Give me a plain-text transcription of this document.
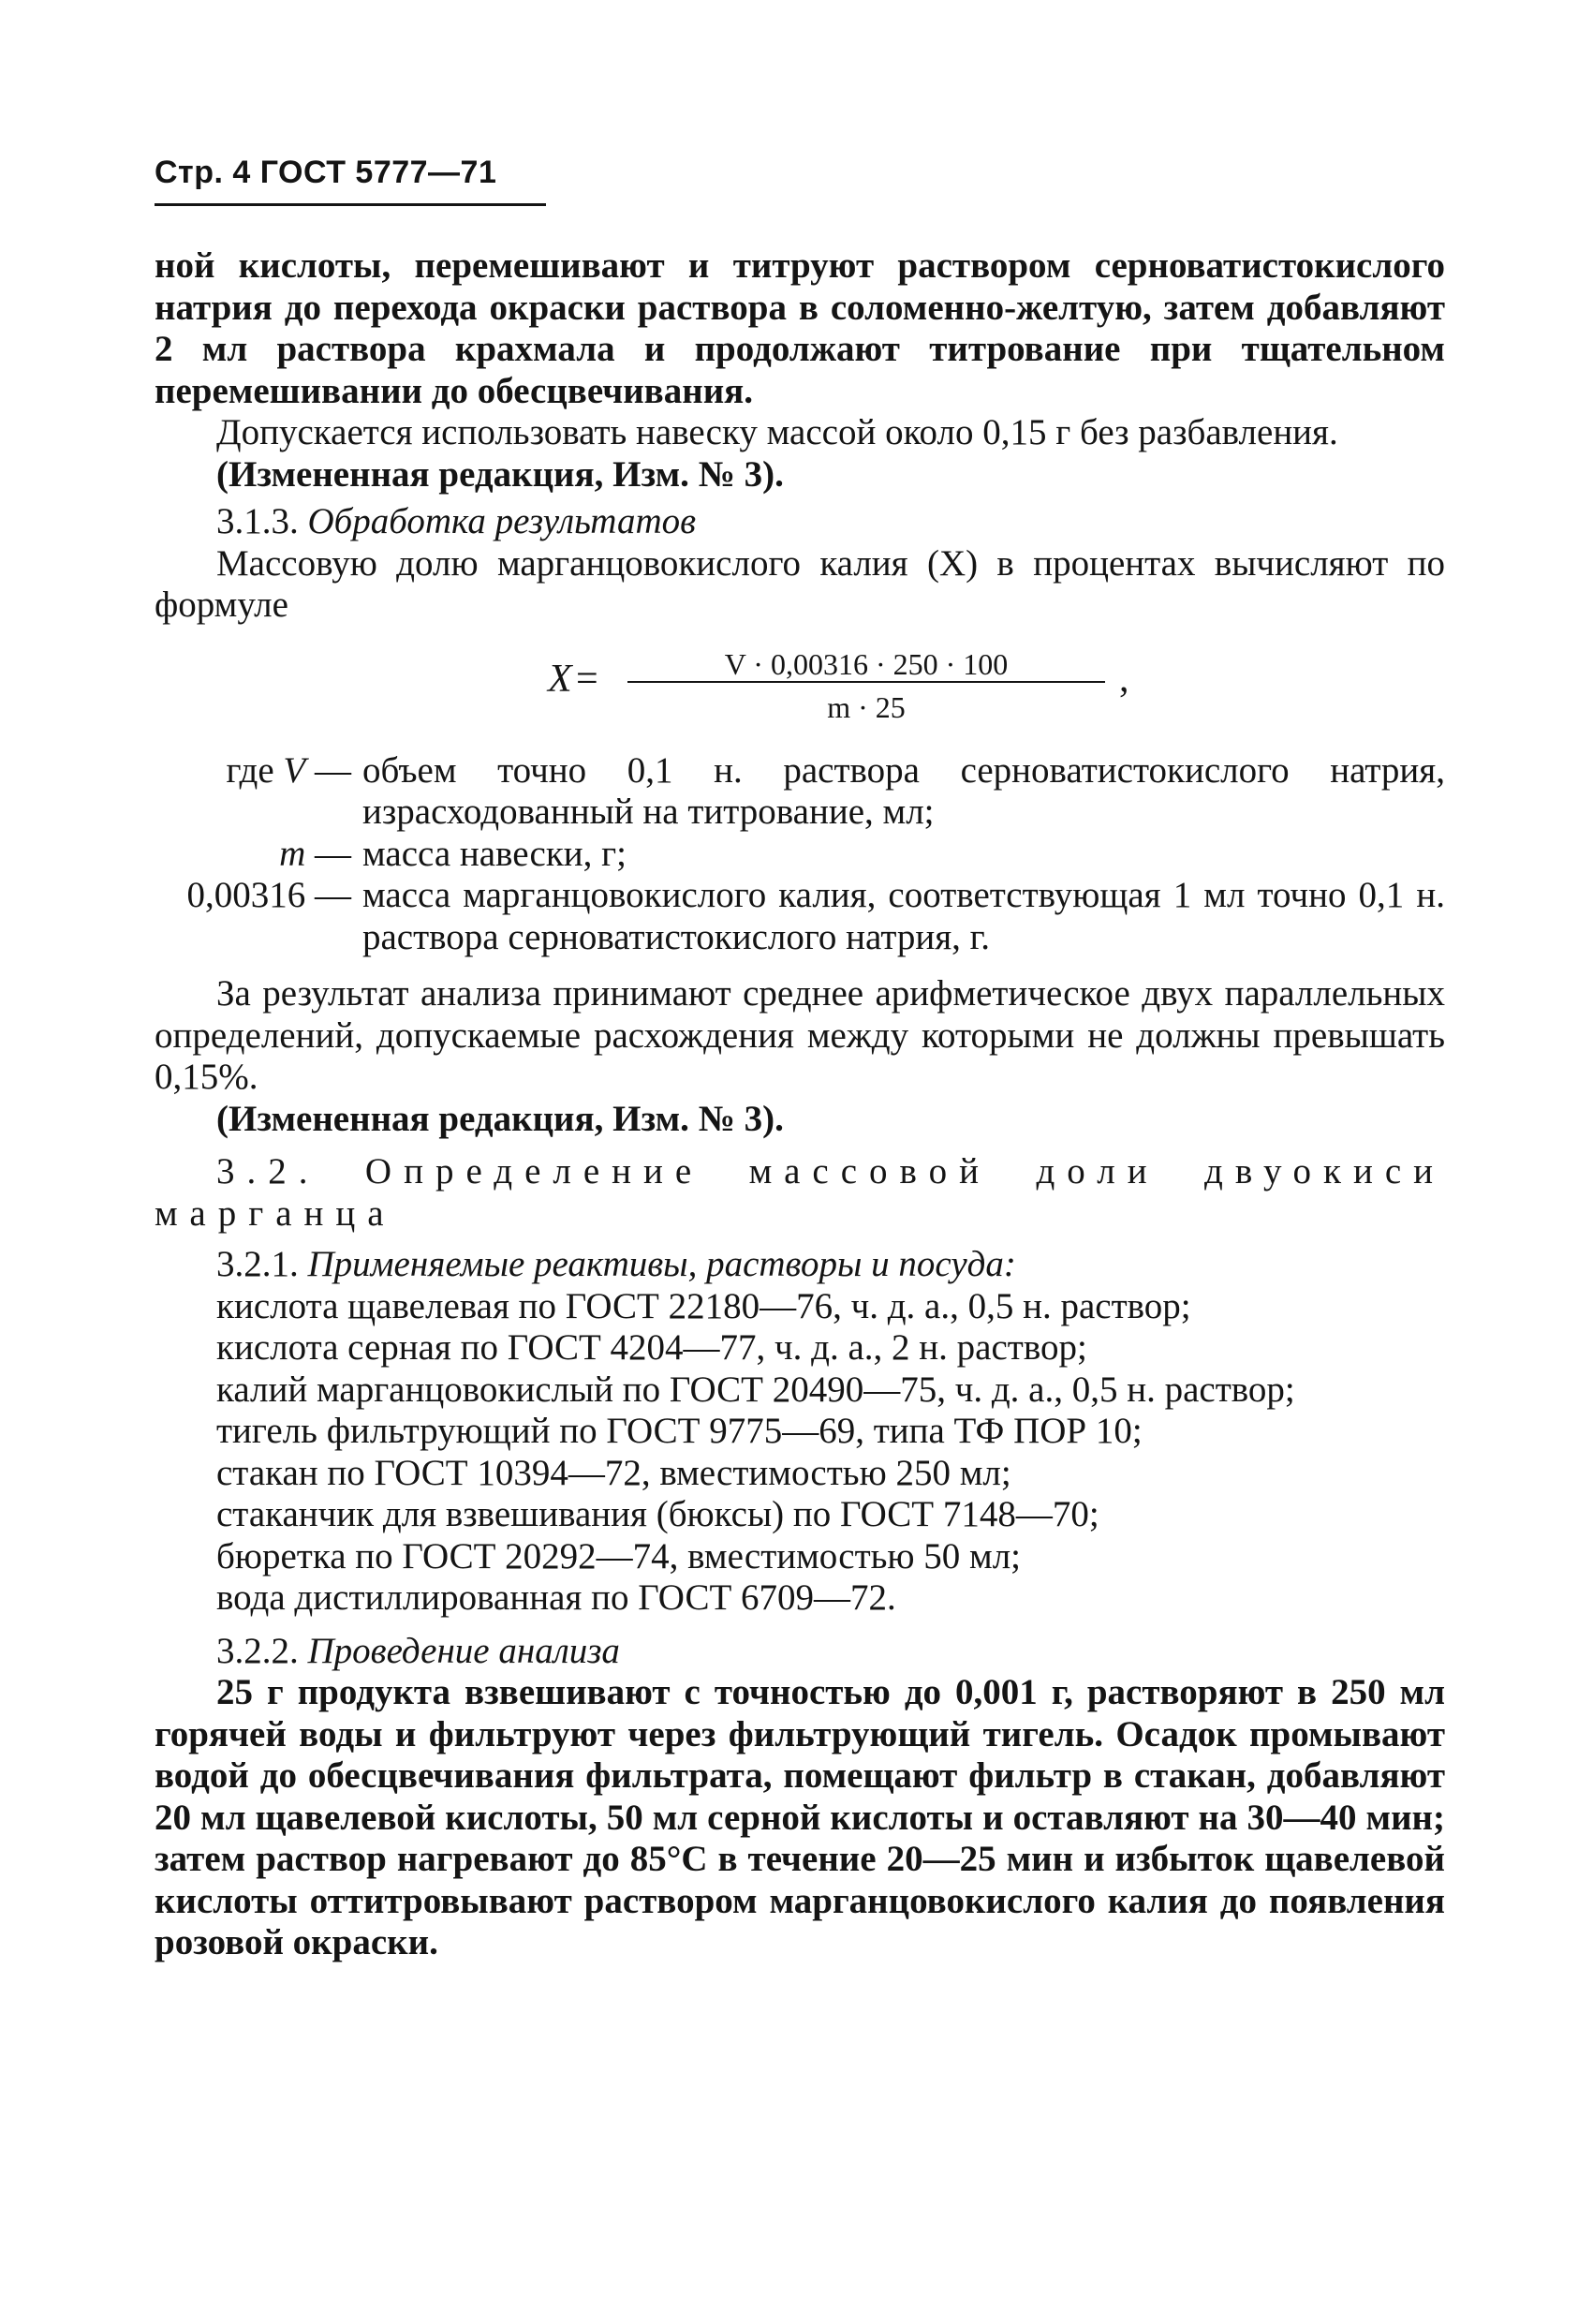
Стр. 4 ГОСТ 5777—71

ной кислоты, перемешивают и титруют раствором серноватистокислого натрия до перехода окраски раствора в соломенно-желтую, затем добавляют 2 мл раствора крахмала и продолжают титрование при тщательном перемешивании до обесцвечивания.

Допускается использовать навеску массой около 0,15 г без разбавления.

(Измененная редакция, Изм. № 3).

3.1.3. Обработка результатов

Массовую долю марганцовокислого калия (X) в процентах вычисляют по формуле

X =	V · 0,00316 · 250 · 100
m · 25
,
где V — объем точно 0,1 н. раствора серноватистокислого натрия, израсходованный на титрование, мл;
m — масса навески, г;
0,00316 — масса марганцовокислого калия, соответствующая 1 мл точно 0,1 н. раствора серноватистокислого натрия, г.

За результат анализа принимают среднее арифметическое двух параллельных определений, допускаемые расхождения между которыми не должны превышать 0,15%.

(Измененная редакция, Изм. № 3).

3.2. Определение массовой доли двуокиси

марганца

3.2.1. Применяемые реактивы, растворы и посуда:

кислота щавелевая по ГОСТ 22180—76, ч. д. а., 0,5 н. раствор;

кислота серная по ГОСТ 4204—77, ч. д. а., 2 н. раствор;

калий марганцовокислый по ГОСТ 20490—75, ч. д. а., 0,5 н. раствор;

тигель фильтрующий по ГОСТ 9775—69, типа ТФ ПОР 10;

стакан по ГОСТ 10394—72, вместимостью 250 мл;

стаканчик для взвешивания (бюксы) по ГОСТ 7148—70;

бюретка по ГОСТ 20292—74, вместимостью 50 мл;

вода дистиллированная по ГОСТ 6709—72.

3.2.2. Проведение анализа

25 г продукта взвешивают с точностью до 0,001 г, растворяют в 250 мл горячей воды и фильтруют через фильтрующий тигель. Осадок промывают водой до обесцвечивания фильтрата, помещают фильтр в стакан, добавляют 20 мл щавелевой кислоты, 50 мл серной кислоты и оставляют на 30—40 мин; затем раствор нагревают до 85°С в течение 20—25 мин и избыток щавелевой кислоты оттитровывают раствором марганцовокислого калия до появления розовой окраски.
